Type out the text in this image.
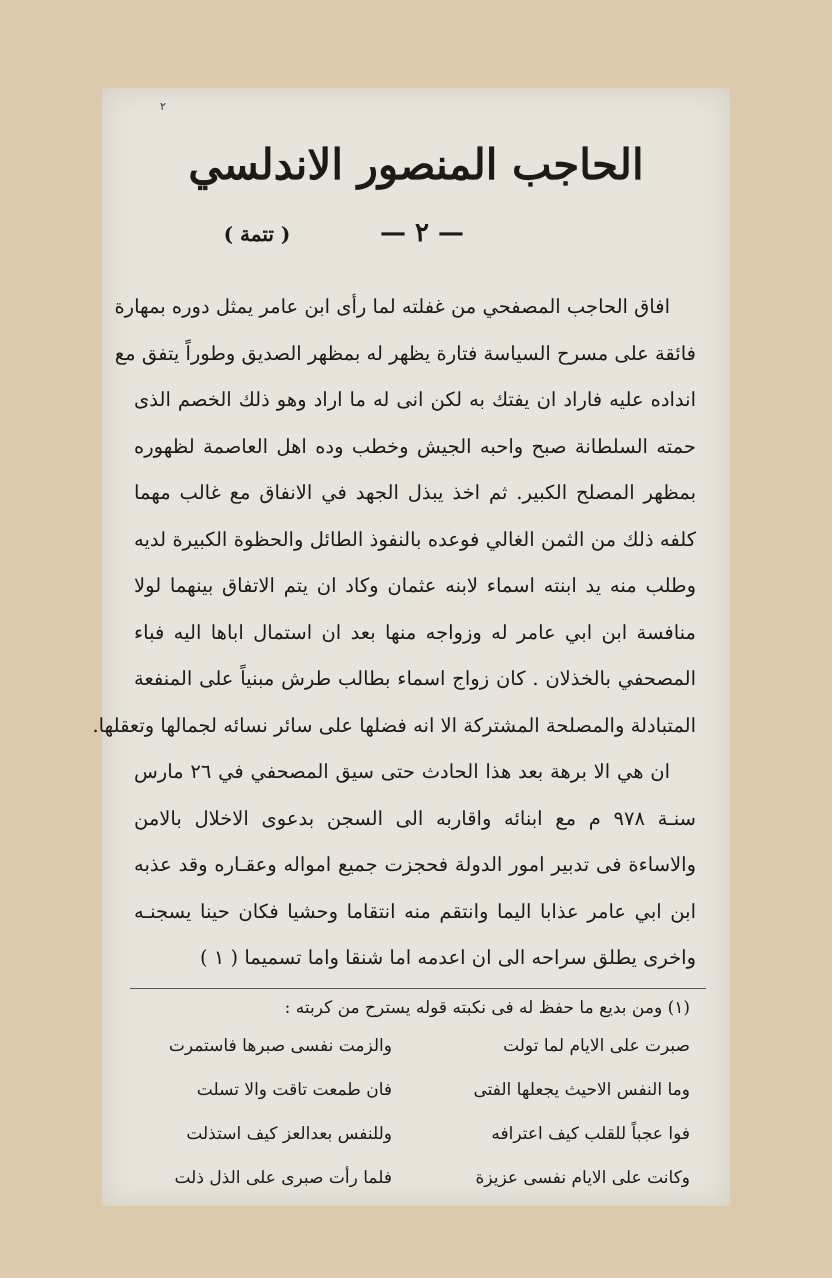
٢
الحاجب المنصور الاندلسي
— ٢ —
( تتمة )
افاق الحاجب المصفحي من غفلته لما رأى ابن عامر يمثل دوره بمهارة
فائقة على مسرح السياسة فتارة يظهر له بمظهر الصديق وطوراً يتفق مع
انداده عليه فاراد ان يفتك به لكن انى له ما اراد وهو ذلك الخصم الذى
حمته السلطانة صبح واحبه الجيش وخطب وده اهل العاصمة لظهوره
بمظهر المصلح الكبير. ثم اخذ يبذل الجهد في الانفاق مع غالب مهما
كلفه ذلك من الثمن الغالي فوعده بالنفوذ الطائل والحظوة الكبيرة لديه
وطلب منه يد ابنته اسماء لابنه عثمان وكاد ان يتم الاتفاق بينهما لولا
منافسة ابن ابي عامر له وزواجه منها بعد ان استمال اباها اليه فباء
المصحفي بالخذلان . كان زواج اسماء بطالب طرش مبنياً على المنفعة
المتبادلة والمصلحة المشتركة الا انه فضلها على سائر نسائه لجمالها وتعقلها.
ان هي الا برهة بعد هذا الحادث حتى سيق المصحفي في ٢٦ مارس
سنـة ٩٧٨ م مع ابنائه واقاربه الى السجن بدعوى الاخلال بالامن
والاساءة فى تدبير امور الدولة فحجزت جميع امواله وعقـاره وقد عذبه
ابن ابي عامر عذابا اليما وانتقم منه انتقاما وحشيا فكان حينا يسجنـه
واخرى يطلق سراحه الى ان اعدمه اما شنقا واما تسميما ( ١ )
(١) ومن بديع ما حفظ له فى نكبته قوله يسترح من كربته :
صبرت على الايام لما تولت
والزمت نفسى صبرها فاستمرت
وما النفس الاحيث يجعلها الفتى
فان طمعت تاقت والا تسلت
فوا عجباً للقلب كيف اعترافه
وللنفس بعدالعز كيف استذلت
وكانت على الايام نفسى عزيزة
فلما رأت صبرى على الذل ذلت
